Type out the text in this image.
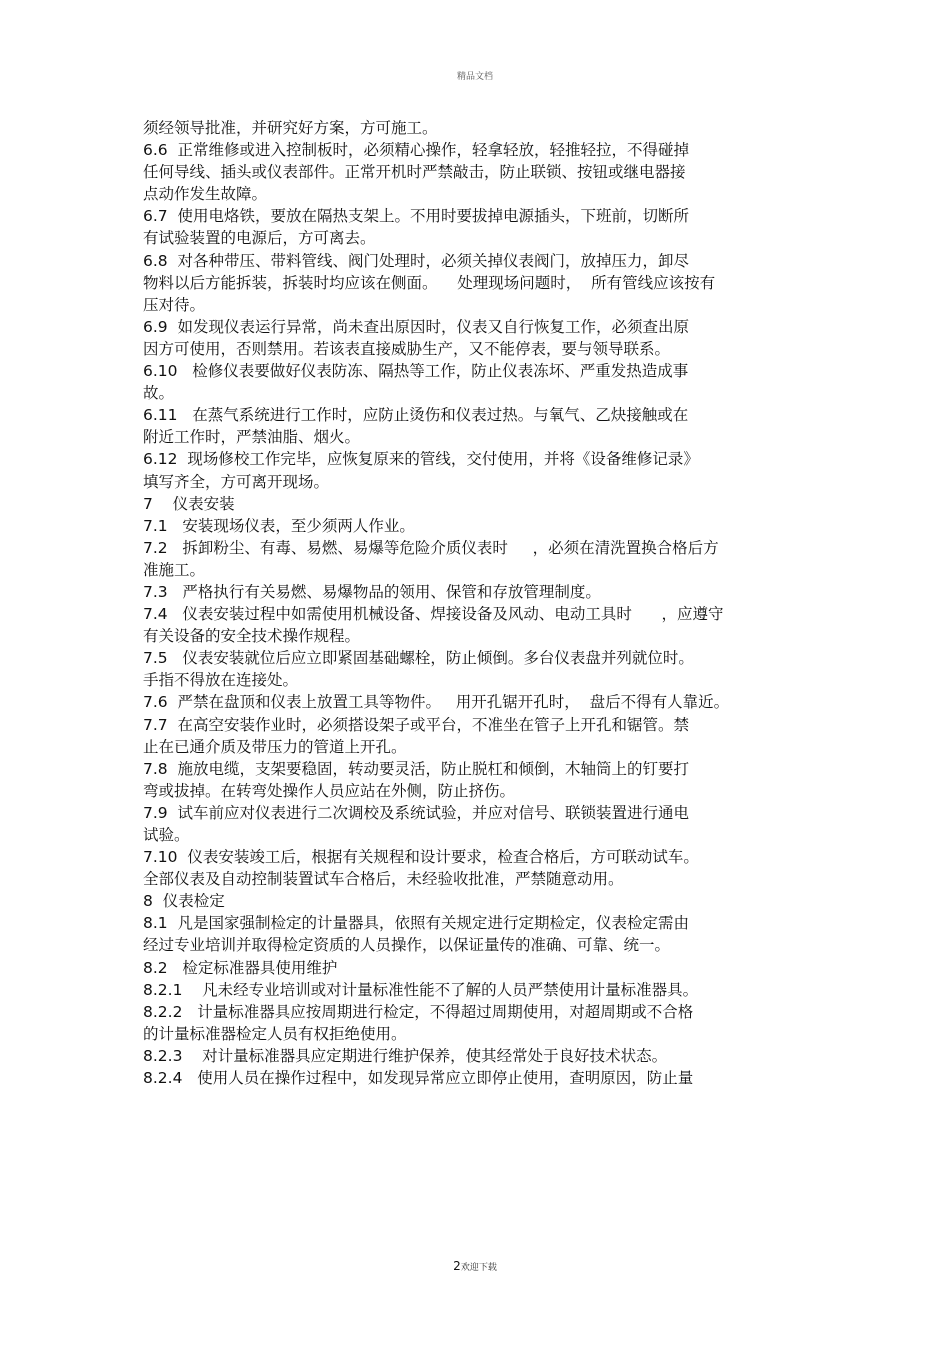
精品文档
须经领导批准，并研究好方案，方可施工。
6.6  正常维修或进入控制板时，必须精心操作，轻拿轻放，轻推轻拉，不得碰掉
任何导线、插头或仪表部件。正常开机时严禁敲击，防止联锁、按钮或继电器接
点动作发生故障。
6.7  使用电烙铁，要放在隔热支架上。不用时要拔掉电源插头，下班前，切断所
有试验装置的电源后，方可离去。
6.8  对各种带压、带料管线、阀门处理时，必须关掉仪表阀门，放掉压力，卸尽
物料以后方能拆装，拆装时均应该在侧面。    处理现场问题时，  所有管线应该按有
压对待。
6.9  如发现仪表运行异常，尚未查出原因时，仪表又自行恢复工作，必须查出原
因方可使用，否则禁用。若该表直接威胁生产，又不能停表，要与领导联系。
6.10   检修仪表要做好仪表防冻、隔热等工作，防止仪表冻坏、严重发热造成事
故。
6.11   在蒸气系统进行工作时，应防止烫伤和仪表过热。与氧气、乙炔接触或在
附近工作时，严禁油脂、烟火。
6.12  现场修校工作完毕，应恢复原来的管线，交付使用，并将《设备维修记录》
填写齐全，方可离开现场。
7    仪表安装
7.1   安装现场仪表，至少须两人作业。
7.2   拆卸粉尘、有毒、易燃、易爆等危险介质仪表时     ，必须在清洗置换合格后方
准施工。
7.3   严格执行有关易燃、易爆物品的领用、保管和存放管理制度。
7.4   仪表安装过程中如需使用机械设备、焊接设备及风动、电动工具时      ，应遵守
有关设备的安全技术操作规程。
7.5   仪表安装就位后应立即紧固基础螺栓，防止倾倒。多台仪表盘并列就位时。
手指不得放在连接处。
7.6  严禁在盘顶和仪表上放置工具等物件。   用开孔锯开孔时，  盘后不得有人靠近。
7.7  在高空安装作业时，必须搭设架子或平台，不准坐在管子上开孔和锯管。禁
止在已通介质及带压力的管道上开孔。
7.8  施放电缆，支架要稳固，转动要灵活，防止脱杠和倾倒，木轴筒上的钉要打
弯或拔掉。在转弯处操作人员应站在外侧，防止挤伤。
7.9  试车前应对仪表进行二次调校及系统试验，并应对信号、联锁装置进行通电
试验。
7.10  仪表安装竣工后，根据有关规程和设计要求，检查合格后，方可联动试车。
全部仪表及自动控制装置试车合格后，未经验收批准，严禁随意动用。
8  仪表检定
8.1  凡是国家强制检定的计量器具，依照有关规定进行定期检定，仪表检定需由
经过专业培训并取得检定资质的人员操作，以保证量传的准确、可靠、统一。
8.2   检定标准器具使用维护
8.2.1    凡未经专业培训或对计量标准性能不了解的人员严禁使用计量标准器具。
8.2.2   计量标准器具应按周期进行检定，不得超过周期使用，对超周期或不合格
的计量标准器检定人员有权拒绝使用。
8.2.3    对计量标准器具应定期进行维护保养，使其经常处于良好技术状态。
8.2.4   使用人员在操作过程中，如发现异常应立即停止使用，查明原因，防止量
2欢迎下载
